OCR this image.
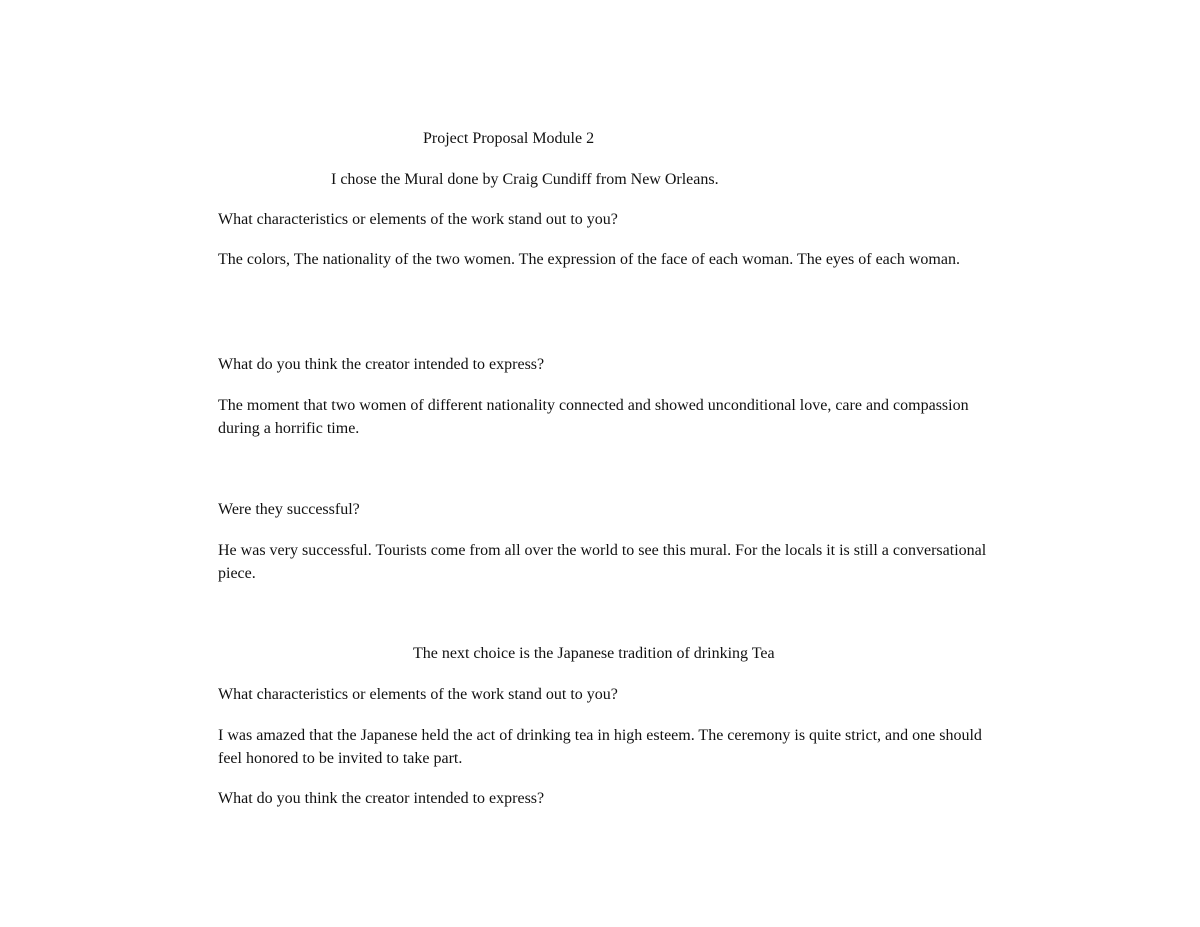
Project Proposal Module 2

I chose the Mural done by Craig Cundiff from New Orleans.

What characteristics or elements of the work stand out to you?

The colors, The nationality of the two women. The expression of the face of each woman. The eyes of each woman.

What do you think the creator intended to express?

The moment that two women of different nationality connected and showed unconditional love, care and compassion during a horrific time.

Were they successful?

He was very successful. Tourists come from all over the world to see this mural. For the locals it is still a conversational piece.

The next choice is the Japanese tradition of drinking Tea

What characteristics or elements of the work stand out to you?

I was amazed that the Japanese held the act of drinking tea in high esteem. The ceremony is quite strict, and one should feel honored to be invited to take part.

What do you think the creator intended to express?
